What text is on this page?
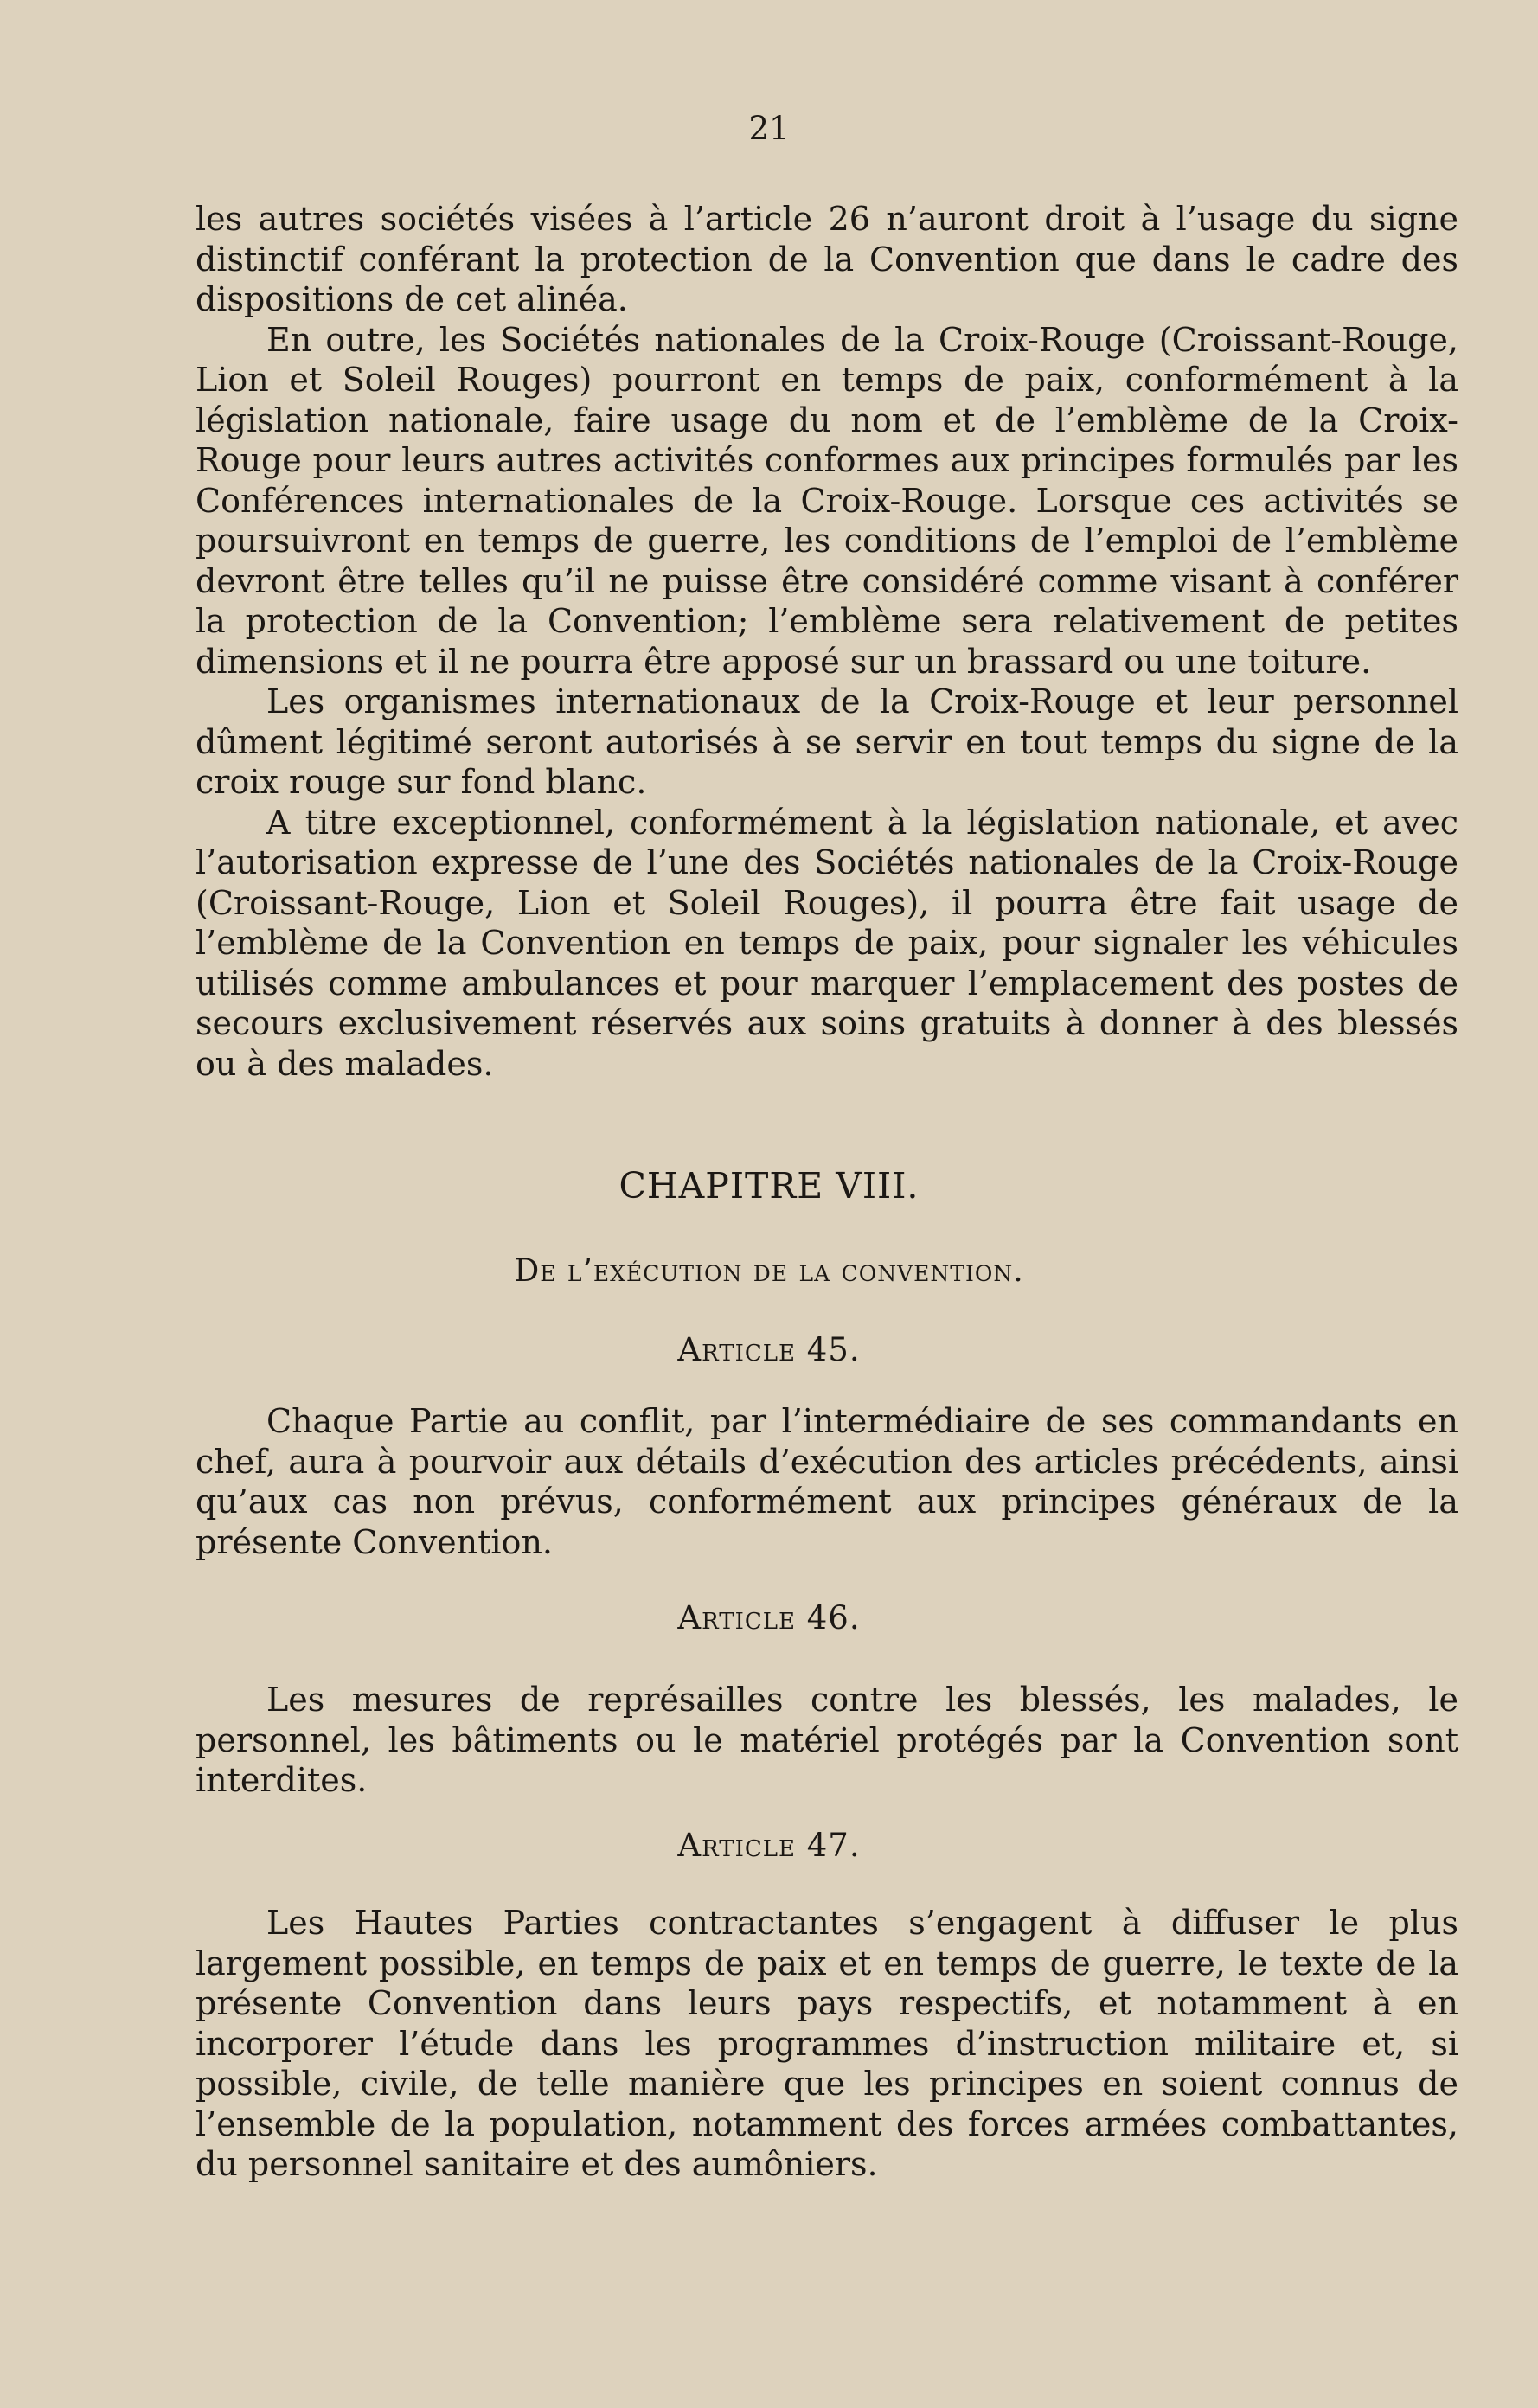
21

les autres sociétés visées à l’article 26 n’auront droit à l’usage du signe distinctif conférant la protection de la Convention que dans le cadre des dispositions de cet alinéa.

En outre, les Sociétés nationales de la Croix-Rouge (Croissant-Rouge, Lion et Soleil Rouges) pourront en temps de paix, conformément à la législation nationale, faire usage du nom et de l’emblème de la Croix-Rouge pour leurs autres activités conformes aux principes formulés par les Conférences internationales de la Croix-Rouge. Lorsque ces activités se poursuivront en temps de guerre, les conditions de l’emploi de l’emblème devront être telles qu’il ne puisse être considéré comme visant à conférer la protection de la Convention; l’emblème sera relativement de petites dimensions et il ne pourra être apposé sur un brassard ou une toiture.

Les organismes internationaux de la Croix-Rouge et leur personnel dûment légitimé seront autorisés à se servir en tout temps du signe de la croix rouge sur fond blanc.

A titre exceptionnel, conformément à la législation nationale, et avec l’autorisation expresse de l’une des Sociétés nationales de la Croix-Rouge (Croissant-Rouge, Lion et Soleil Rouges), il pourra être fait usage de l’emblème de la Convention en temps de paix, pour signaler les véhicules utilisés comme ambulances et pour marquer l’emplacement des postes de secours exclusivement réservés aux soins gratuits à donner à des blessés ou à des malades.

CHAPITRE VIII.
De l’exécution de la convention.
Article 45.

Chaque Partie au conflit, par l’intermédiaire de ses commandants en chef, aura à pourvoir aux détails d’exécution des articles précédents, ainsi qu’aux cas non prévus, conformément aux principes généraux de la présente Convention.

Article 46.

Les mesures de représailles contre les blessés, les malades, le personnel, les bâtiments ou le matériel protégés par la Convention sont interdites.

Article 47.

Les Hautes Parties contractantes s’engagent à diffuser le plus largement possible, en temps de paix et en temps de guerre, le texte de la présente Convention dans leurs pays respectifs, et notamment à en incorporer l’étude dans les programmes d’instruction militaire et, si possible, civile, de telle manière que les principes en soient connus de l’ensemble de la population, notamment des forces armées combattantes, du personnel sanitaire et des aumôniers.
